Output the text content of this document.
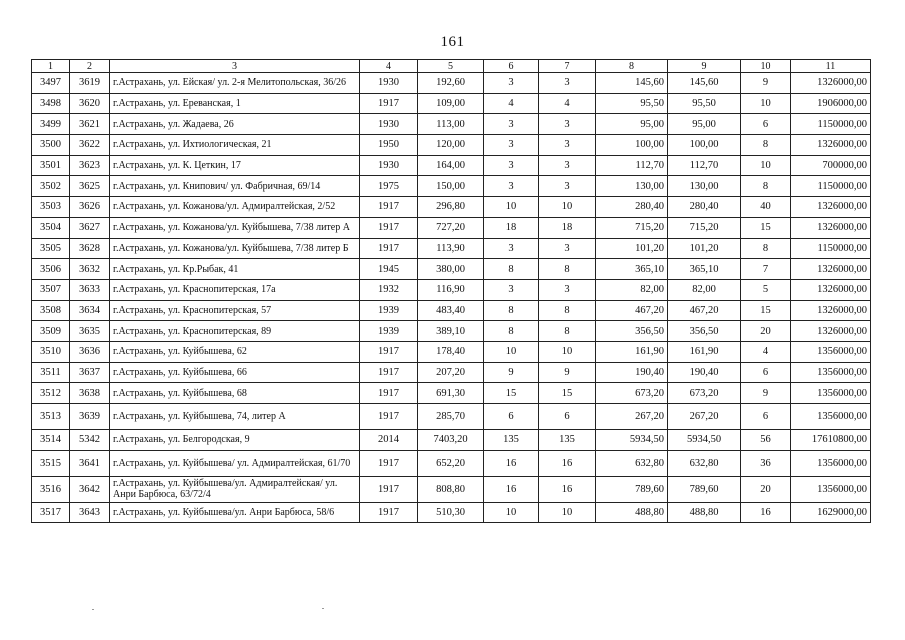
161
1	2	3	4	5	6	7	8	9	10	11
3497	3619	г.Астрахань, ул. Ейская/ ул. 2-я Мелитопольская, 36/26	1930	192,60	3	3	145,60	145,60	9	1326000,00
3498	3620	г.Астрахань, ул. Ереванская, 1	1917	109,00	4	4	95,50	95,50	10	1906000,00
3499	3621	г.Астрахань, ул. Жадаева, 26	1930	113,00	3	3	95,00	95,00	6	1150000,00
3500	3622	г.Астрахань, ул. Ихтиологическая, 21	1950	120,00	3	3	100,00	100,00	8	1326000,00
3501	3623	г.Астрахань, ул. К. Цеткин, 17	1930	164,00	3	3	112,70	112,70	10	700000,00
3502	3625	г.Астрахань, ул. Книпович/ ул. Фабричная, 69/14	1975	150,00	3	3	130,00	130,00	8	1150000,00
3503	3626	г.Астрахань, ул. Кожанова/ул. Адмиралтейская, 2/52	1917	296,80	10	10	280,40	280,40	40	1326000,00
3504	3627	г.Астрахань, ул. Кожанова/ул. Куйбышева, 7/38 литер А	1917	727,20	18	18	715,20	715,20	15	1326000,00
3505	3628	г.Астрахань, ул. Кожанова/ул. Куйбышева, 7/38 литер Б	1917	113,90	3	3	101,20	101,20	8	1150000,00
3506	3632	г.Астрахань, ул. Кр.Рыбак, 41	1945	380,00	8	8	365,10	365,10	7	1326000,00
3507	3633	г.Астрахань, ул. Краснопитерская, 17а	1932	116,90	3	3	82,00	82,00	5	1326000,00
3508	3634	г.Астрахань, ул. Краснопитерская, 57	1939	483,40	8	8	467,20	467,20	15	1326000,00
3509	3635	г.Астрахань, ул. Краснопитерская, 89	1939	389,10	8	8	356,50	356,50	20	1326000,00
3510	3636	г.Астрахань, ул. Куйбышева, 62	1917	178,40	10	10	161,90	161,90	4	1356000,00
3511	3637	г.Астрахань, ул. Куйбышева, 66	1917	207,20	9	9	190,40	190,40	6	1356000,00
3512	3638	г.Астрахань, ул. Куйбышева, 68	1917	691,30	15	15	673,20	673,20	9	1356000,00
3513	3639	г.Астрахань, ул. Куйбышева, 74, литер А	1917	285,70	6	6	267,20	267,20	6	1356000,00
3514	5342	г.Астрахань, ул. Белгородская, 9	2014	7403,20	135	135	5934,50	5934,50	56	17610800,00
3515	3641	г.Астрахань, ул. Куйбышева/ ул. Адмиралтейская, 61/70	1917	652,20	16	16	632,80	632,80	36	1356000,00
3516	3642	г.Астрахань, ул. Куйбышева/ул. Адмиралтейская/ ул. Анри Барбюса, 63/72/4	1917	808,80	16	16	789,60	789,60	20	1356000,00
3517	3643	г.Астрахань, ул. Куйбышева/ул. Анри Барбюса, 58/6	1917	510,30	10	10	488,80	488,80	16	1629000,00
